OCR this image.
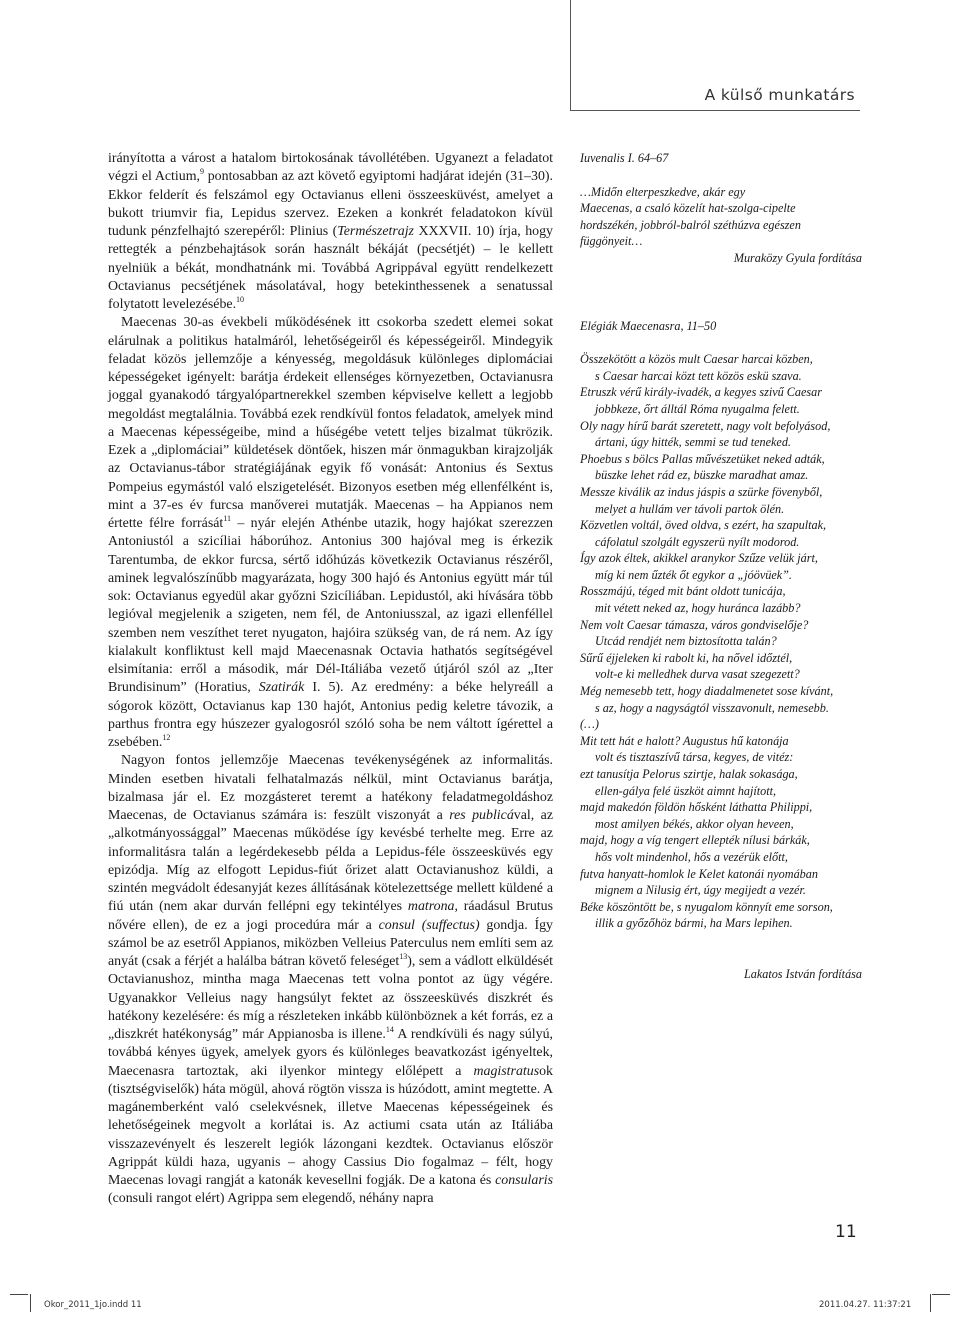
A külső munkatárs

irányította a várost a hatalom birtokosának távollétében. Ugyanezt a feladatot végzi el Actium,$^9$ pontosabban az azt követő egyiptomi hadjárat idején (31–30). Ekkor felderít és felszámol egy Octavianus elleni összeesküvést, amelyet a bukott triumvir fia, Lepidus szervez. Ezeken a konkrét feladatokon kívül tudunk pénzfelhajtó szerepéről: Plinius (Természetrajz XXXVII. 10) írja, hogy rettegték a pénzbehajtások során használt békáját (pecsétjét) – le kellett nyelniük a békát, mondhatnánk mi. Továbbá Agrippával együtt rendelkezett Octavianus pecsétjének másolatával, hogy betekinthessenek a senatussal folytatott levelezésébe.$^{10}$

Maecenas 30-as évekbeli működésének itt csokorba szedett elemei sokat elárulnak a politikus hatalmáról, lehetőségeiről és képességeiről. Mindegyik feladat közös jellemzője a kényesség, megoldásuk különleges diplomáciai képességeket igényelt: barátja érdekeit ellenséges környezetben, Octavianusra joggal gyanakodó tárgyalópartnerekkel szemben képviselve kellett a legjobb megoldást megtalálnia. Továbbá ezek rendkívül fontos feladatok, amelyek mind a Maecenas képességeibe, mind a hűségébe vetett teljes bizalmat tükrözik. Ezek a „diplomáciai” küldetések döntőek, hiszen már önmagukban kirajzolják az Octavianus-tábor stratégiájának egyik fő vonását: Antonius és Sextus Pompeius egymástól való elszigetelését. Bizonyos esetben még ellenfélként is, mint a 37-es év furcsa manőverei mutatják. Maecenas – ha Appianos nem értette félre forrását$^{11}$ – nyár elején Athénbe utazik, hogy hajókat szerezzen Antoniustól a szicíliai háborúhoz. Antonius 300 hajóval meg is érkezik Tarentumba, de ekkor furcsa, sértő időhúzás következik Octavianus részéről, aminek legvalószínűbb magyarázata, hogy 300 hajó és Antonius együtt már túl sok: Octavianus egyedül akar győzni Szicíliában. Lepidustól, aki hívására több legióval megjelenik a szigeten, nem fél, de Antoniusszal, az igazi ellenféllel szemben nem veszíthet teret nyugaton, hajóira szükség van, de rá nem. Az így kialakult konfliktust kell majd Maecenasnak Octavia hathatós segítségével elsimítania: erről a második, már Dél-Itáliába vezető útjáról szól az „Iter Brundisinum” (Horatius, Szatirák I. 5). Az eredmény: a béke helyreáll a sógorok között, Octavianus kap 130 hajót, Antonius pedig keletre távozik, a parthus frontra egy húszezer gyalogosról szóló soha be nem váltott ígérettel a zsebében.$^{12}$

Nagyon fontos jellemzője Maecenas tevékenységének az informalitás. Minden esetben hivatali felhatalmazás nélkül, mint Octavianus barátja, bizalmasa jár el. Ez mozgásteret teremt a hatékony feladatmegoldáshoz Maecenas, de Octavianus számára is: feszült viszonyát a res publicával, az „alkotmányossággal” Maecenas működése így kevésbé terhelte meg. Erre az informalitásra talán a legérdekesebb példa a Lepidus-féle összeesküvés egy epizódja. Míg az elfogott Lepidus-fiút őrizet alatt Octavianushoz küldi, a szintén megvádolt édesanyját kezes állításának kötelezettsége mellett küldené a fiú után (nem akar durván fellépni egy tekintélyes matrona, ráadásul Brutus nővére ellen), de ez a jogi procedúra már a consul (suffectus) gondja. Így számol be az esetről Appianos, miközben Velleius Paterculus nem említi sem az anyát (csak a férjét a halálba bátran követő feleséget$^{13}$), sem a vádlott elküldését Octavianushoz, mintha maga Maecenas tett volna pontot az ügy végére. Ugyanakkor Velleius nagy hangsúlyt fektet az összeesküvés diszkrét és hatékony kezelésére: és míg a részleteken inkább különböznek a két forrás, ez a „diszkrét hatékonyság” már Appianosba is illene.$^{14}$ A rendkívüli és nagy súlyú, továbbá kényes ügyek, amelyek gyors és különleges beavatkozást igényeltek, Maecenasra tartoztak, aki ilyenkor mintegy előlépett a magistratusok (tisztségviselők) háta mögül, ahová rögtön vissza is húzódott, amint megtette. A magánemberként való cselekvésnek, illetve Maecenas képességeinek és lehetőségeinek megvolt a korlátai is. Az actiumi csata után az Itáliába visszazevényelt és leszerelt legiók lázongani kezdtek. Octavianus először Agrippát küldi haza, ugyanis – ahogy Cassius Dio fogalmaz – félt, hogy Maecenas lovagi rangját a katonák kevesellni fogják. De a katona és consularis (consuli rangot elért) Agrippa sem elegendő, néhány napra

Iuvenalis I. 64–67

…Midőn elterpeszkedve, akár egy

Maecenas, a csaló közelít hat-szolga-cipelte

hordszékén, jobbról-balról széthúzva egészen

függönyeit…

Muraközy Gyula fordítása

Elégiák Maecenasra, 11–50

Összekötött a közös mult Caesar harcai közben,

s Caesar harcai közt tett közös eskü szava.

Etruszk vérű király-ivadék, a kegyes szivű Caesar

jobbkeze, őrt álltál Róma nyugalma felett.

Oly nagy hírű barát szeretett, nagy volt befolyásod,

ártani, úgy hitték, semmi se tud teneked.

Phoebus s bölcs Pallas művészetüket neked adták,

büszke lehet rád ez, büszke maradhat amaz.

Messze kiválik az indus jáspis a szürke fövenyből,

melyet a hullám ver távoli partok ölén.

Közvetlen voltál, öved oldva, s ezért, ha szapultak,

cáfolatul szolgált egyszerü nyílt modorod.

Így azok éltek, akikkel aranykor Szűze velük járt,

míg ki nem űzték őt egykor a „jóövüek”.

Rosszmájú, téged mit bánt oldott tunicája,

mit vétett neked az, hogy huránca lazább?

Nem volt Caesar támasza, város gondviselője?

Utcád rendjét nem biztosította talán?

Sűrű éjjeleken ki rabolt ki, ha nővel időztél,

volt-e ki melledhek durva vasat szegezett?

Még nemesebb tett, hogy diadalmenetet sose kívánt,

s az, hogy a nagyságtól visszavonult, nemesebb.

(…)

Mit tett hát e halott? Augustus hű katonája

volt és tisztaszívű társa, kegyes, de vitéz:

ezt tanusítja Pelorus szirtje, halak sokasága,

ellen-gálya felé üszköt aimnt hajított,

majd makedón földön hősként láthatta Philippi,

most amilyen békés, akkor olyan heveen,

majd, hogy a víg tengert ellepték nílusi bárkák,

hős volt mindenhol, hős a vezérük előtt,

futva hanyatt-homlok le Kelet katonái nyomában

mignem a Nilusig ért, úgy megijedt a vezér.

Béke köszöntött be, s nyugalom könnyít eme sorson,

illik a győzőhöz bármi, ha Mars lepihen.

Lakatos István fordítása

11
Okor_2011_1jo.indd 11	2011.04.27. 11:37:21
